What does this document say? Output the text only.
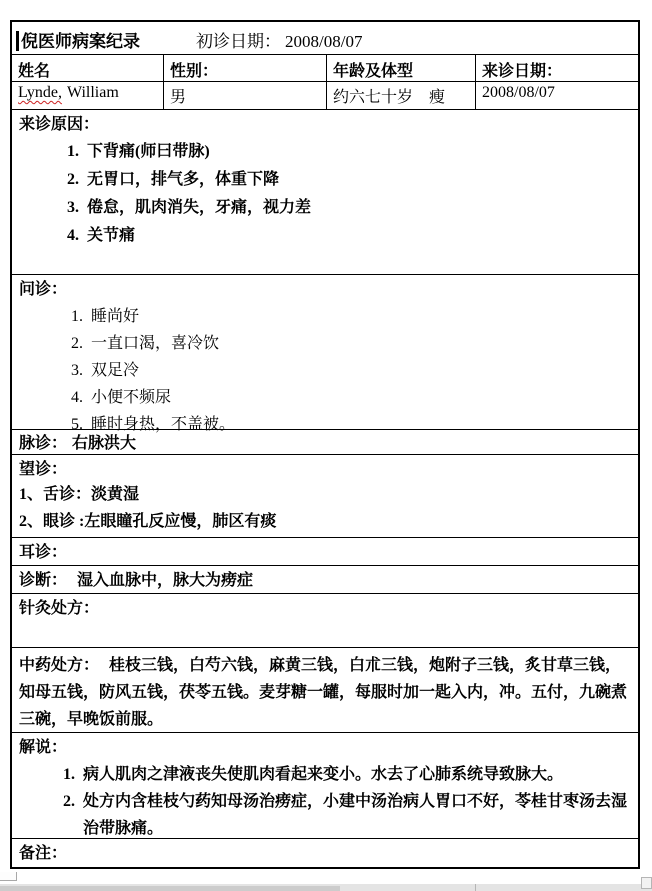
倪医师病案纪录	初诊日期： 2008/08/07
姓名	性别：	年龄及体型	来诊日期：
Lynde, William	男	约六七十岁　瘦	2008/08/07
来诊原因：
1. 下背痛(师曰带脉)
2. 无胃口，排气多，体重下降
3. 倦怠，肌肉消失，牙痛，视力差
4. 关节痛
问诊：
1. 睡尚好
2. 一直口渴，喜冷饮
3. 双足冷
4. 小便不频尿
5. 睡时身热，不盖被。
脉诊： 右脉洪大
望诊：
1、舌诊：淡黄湿
2、眼诊 :左眼瞳孔反应慢，肺区有痰
耳诊：
诊断： 湿入血脉中，脉大为痨症
针灸处方：

中药处方： 桂枝三钱，白芍六钱，麻黄三钱，白朮三钱，炮附子三钱，炙甘草三钱，知母五钱，防风五钱，茯苓五钱。麦芽糖一罐，每服时加一匙入内，冲。五付，九碗煮三碗，早晚饭前服。

解说：
1. 病人肌肉之津液丧失使肌肉看起来变小。水去了心肺系统导致脉大。
2. 处方内含桂枝勺药知母汤治痨症，小建中汤治病人胃口不好，苓桂甘枣汤去湿治带脉痛。
备注：
